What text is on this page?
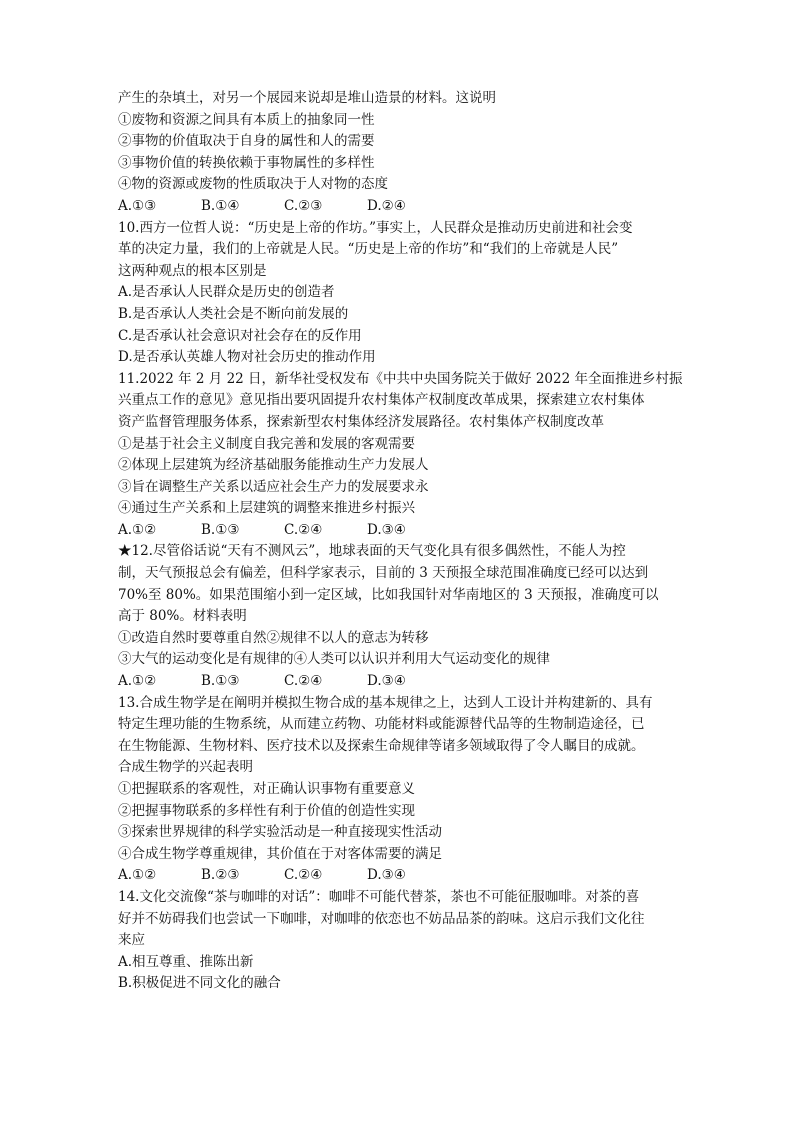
产生的杂填土，对另一个展园来说却是堆山造景的材料。这说明
①废物和资源之间具有本质上的抽象同一性
②事物的价值取决于自身的属性和人的需要
③事物价值的转换依赖于事物属性的多样性
④物的资源或废物的性质取决于人对物的态度
A.①③	B.①④	C.②③	D.②④
10.西方一位哲人说：“历史是上帝的作坊。”事实上，人民群众是推动历史前进和社会变
革的决定力量，我们的上帝就是人民。“历史是上帝的作坊”和“我们的上帝就是人民”
这两种观点的根本区别是
A.是否承认人民群众是历史的创造者
B.是否承认人类社会是不断向前发展的
C.是否承认社会意识对社会存在的反作用
D.是否承认英雄人物对社会历史的推动作用
11.2022 年 2 月 22 日，新华社受权发布《中共中央国务院关于做好 2022 年全面推进乡村振
兴重点工作的意见》意见指出要巩固提升农村集体产权制度改革成果，探索建立农村集体
资产监督管理服务体系，探索新型农村集体经济发展路径。农村集体产权制度改革
①是基于社会主义制度自我完善和发展的客观需要
②体现上层建筑为经济基础服务能推动生产力发展人
③旨在调整生产关系以适应社会生产力的发展要求永
④通过生产关系和上层建筑的调整来推进乡村振兴
A.①②	B.①③	C.②④	D.③④
★12.尽管俗话说“天有不测风云”，地球表面的天气变化具有很多偶然性，不能人为控
制，天气预报总会有偏差，但科学家表示，目前的 3 天预报全球范围准确度已经可以达到
70%至 80%。如果范围缩小到一定区域，比如我国针对华南地区的 3 天预报，准确度可以
高于 80%。材料表明
①改造自然时要尊重自然②规律不以人的意志为转移
③大气的运动变化是有规律的④人类可以认识并利用大气运动变化的规律
A.①②	B.①③	C.②④	D.③④
13.合成生物学是在阐明并模拟生物合成的基本规律之上，达到人工设计并构建新的、具有
特定生理功能的生物系统，从而建立药物、功能材料或能源替代品等的生物制造途径，已
在生物能源、生物材料、医疗技术以及探索生命规律等诸多领域取得了令人瞩目的成就。
合成生物学的兴起表明
①把握联系的客观性，对正确认识事物有重要意义
②把握事物联系的多样性有利于价值的创造性实现
③探索世界规律的科学实验活动是一种直接现实性活动
④合成生物学尊重规律，其价值在于对客体需要的满足
A.①②	B.②③	C.②④	D.③④
14.文化交流像“茶与咖啡的对话”：咖啡不可能代替茶，茶也不可能征服咖啡。对茶的喜
好并不妨碍我们也尝试一下咖啡，对咖啡的依恋也不妨品品茶的韵味。这启示我们文化往
来应
A.相互尊重、推陈出新
B.积极促进不同文化的融合
